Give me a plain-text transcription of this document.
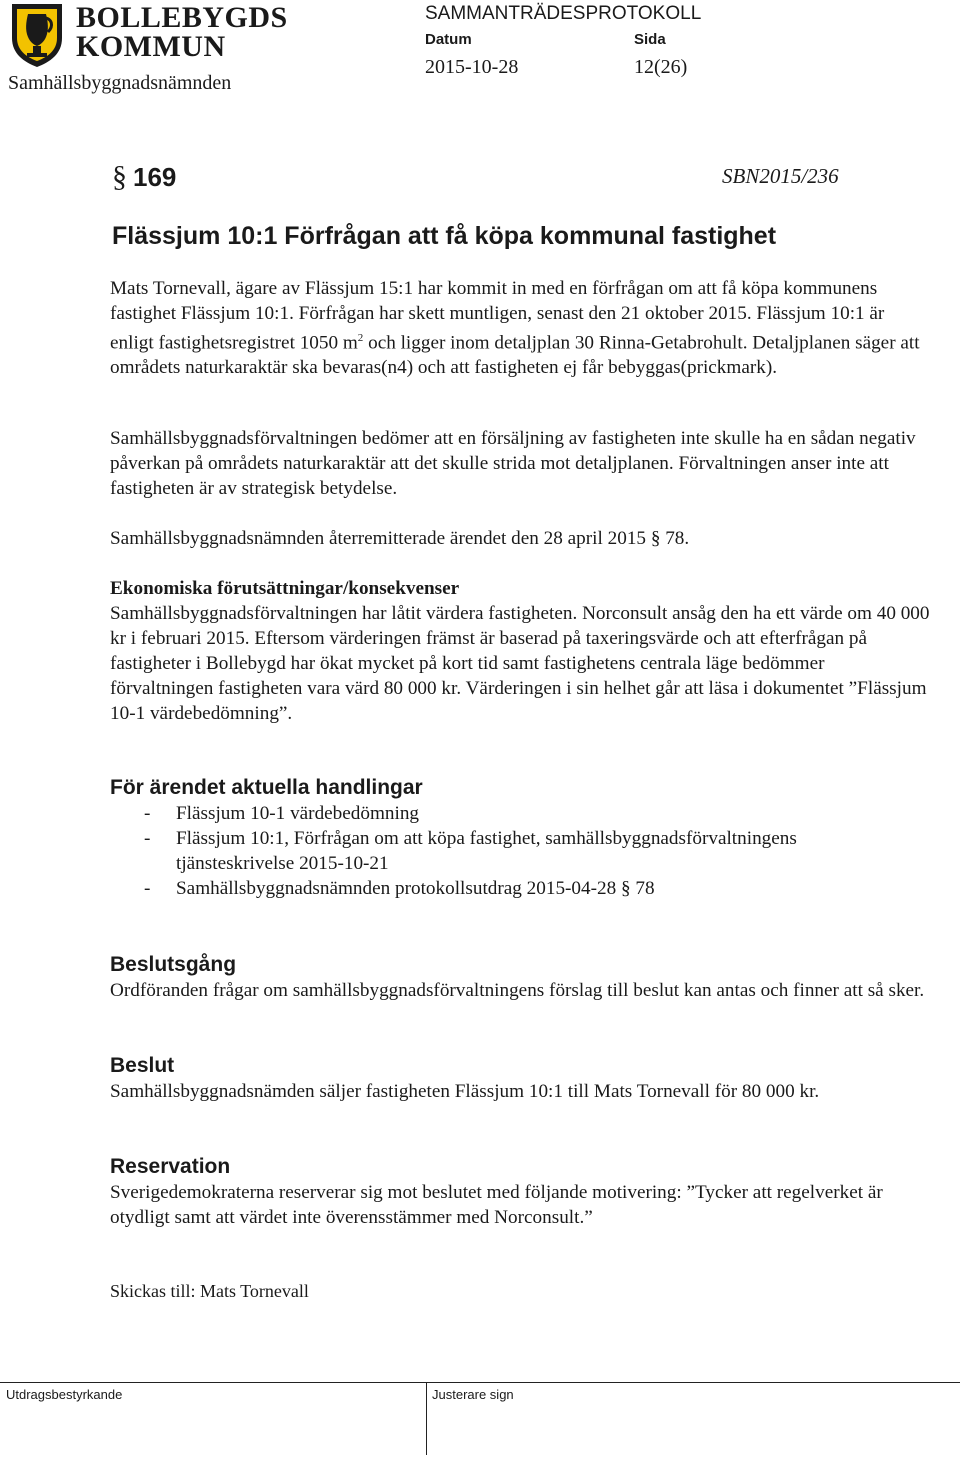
BOLLEBYGDS
KOMMUN
Samhällsbyggnadsnämnden
SAMMANTRÄDESPROTOKOLL
Datum	Sida
2015-10-28	12(26)
§ 169	SBN2015/236
Flässjum 10:1 Förfrågan att få köpa kommunal fastighet

Mats Tornevall, ägare av Flässjum 15:1 har kommit in med en förfrågan om att få köpa kommunens fastighet Flässjum 10:1. Förfrågan har skett muntligen, senast den 21 oktober 2015. Flässjum 10:1 är enligt fastighetsregistret 1050 $m^2$ och ligger inom detaljplan 30 Rinna-Getabrohult. Detaljplanen säger att områdets naturkaraktär ska bevaras(n4) och att fastigheten ej får bebyggas(prickmark).

Samhällsbyggnadsförvaltningen bedömer att en försäljning av fastigheten inte skulle ha en sådan negativ påverkan på områdets naturkaraktär att det skulle strida mot detaljplanen. Förvaltningen anser inte att fastigheten är av strategisk betydelse.

Samhällsbyggnadsnämnden återremitterade ärendet den 28 april 2015 § 78.

Ekonomiska förutsättningar/konsekvenser

Samhällsbyggnadsförvaltningen har låtit värdera fastigheten. Norconsult ansåg den ha ett värde om 40 000 kr i februari 2015. Eftersom värderingen främst är baserad på taxeringsvärde och att efterfrågan på fastigheter i Bollebygd har ökat mycket på kort tid samt fastighetens centrala läge bedömmer förvaltningen fastigheten vara värd 80 000 kr. Värderingen i sin helhet går att läsa i dokumentet ”Flässjum 10-1 värdebedömning”.

För ärendet aktuella handlingar
- Flässjum 10-1 värdebedömning
- Flässjum 10:1, Förfrågan om att köpa fastighet, samhällsbyggnadsförvaltningens tjänsteskrivelse 2015-10-21
- Samhällsbyggnadsnämnden protokollsutdrag 2015-04-28 § 78
Beslutsgång

Ordföranden frågar om samhällsbyggnadsförvaltningens förslag till beslut kan antas och finner att så sker.

Beslut

Samhällsbyggnadsnämden säljer fastigheten Flässjum 10:1 till Mats Tornevall för 80 000 kr.

Reservation

Sverigedemokraterna reserverar sig mot beslutet med följande motivering: ”Tycker att regelverket är otydligt samt att värdet inte överensstämmer med Norconsult.”

Skickas till: Mats Tornevall

Utdragsbestyrkande	Justerare sign
